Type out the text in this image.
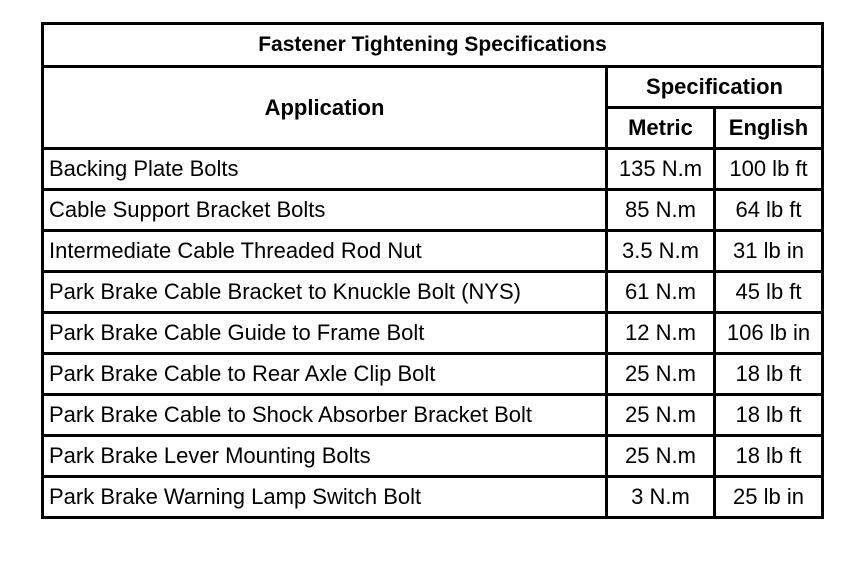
Fastener Tightening Specifications		
Application	Specification	
	Metric	English
Backing Plate Bolts	135 N.m	100 lb ft
Cable Support Bracket Bolts	85 N.m	64 lb ft
Intermediate Cable Threaded Rod Nut	3.5 N.m	31 lb in
Park Brake Cable Bracket to Knuckle Bolt (NYS)	61 N.m	45 lb ft
Park Brake Cable Guide to Frame Bolt	12 N.m	106 lb in
Park Brake Cable to Rear Axle Clip Bolt	25 N.m	18 lb ft
Park Brake Cable to Shock Absorber Bracket Bolt	25 N.m	18 lb ft
Park Brake Lever Mounting Bolts	25 N.m	18 lb ft
Park Brake Warning Lamp Switch Bolt	3 N.m	25 lb in
